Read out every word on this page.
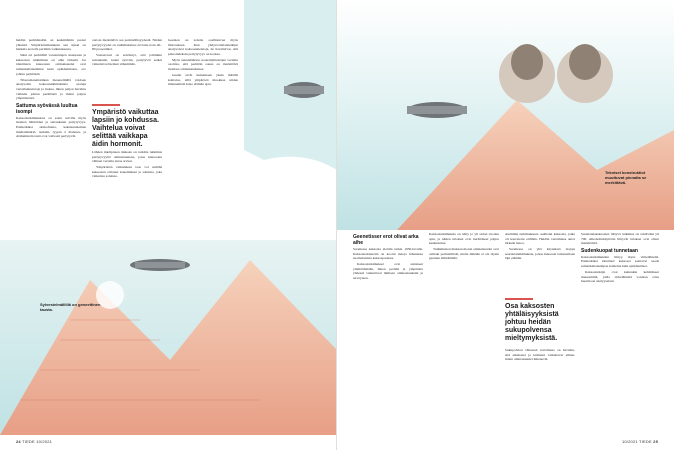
heidän perimänsään on keskimäärin puolet yhteistä. Ympäristöeikutuksia sen sijaan on hankala erotella perimän vaikutuksesta.

Siksi eri perimällä varustettujen sisarusten ja kaksosten tutkiminen on ollut tärkeää. Jos identtisten kaksosten ominaisuudet ovat samankaltaisemmat kuin epäidenttisten, ero johtuu perimästä.

Tilastomatematiikan menetelmillä voidaan analysoida kaksostutkimuksista saatuja vertailuaineistoja ja laskea, miten paljon havaittu vaihtelu johtuu perimästä ja miten paljon ympäristöstä.

Sattuma syövässä luultua isompi

Kaksostutkimuksista on saatu selville myös monien häiriöiden ja sairauksien periytyvyys. Esimerkiksi skitsofrenia, kaksisuuntainen mielialahäiriö, autismi, tyypin 2 diabetes, ja Alzheimerin tauti ovat vahvasti periytyviä.

olevan merkittävä osa perinnöllisyydestä. Niiden periytyvyydet on tutkimuksissa arvioitu noin 40–80 prosentiksi.

Vastaavasti on selvinnyt, että joihinkin sairauksiin, kuten syöviin, periytyvät seikat vaikuttavat hieman vähemmän.

Ympäristö vaikuttaa lapsiin jo kohdussa. Vaihtelua voivat selittää vaikkapa äidin hormonit.

Lähden mielipiteen mukaan on tutkittu tutkimus periytyvyyttä ominaisuutena, jossa kaksosten välinen vertailu antaa arvion.

Ympäristön vaikutuksia taas voi selittää kaksosten erilaiset kokemukset ja sattuma, joka vaikuttaa soluissa.

Geenien on todettu osallistuvan myös lihavuuteen. Kun yhdysvaltalaistutkijat analysoivat kaksosaineistoja, he havaitsivat, että painoindeksin periytyvyys on korkea.

Myös sekundäärien sosiaaliyhteisöjen vertailu osoittaa, että perimän osuus on merkittävä monissa ominaisuuksissa.

Geenit eivät kuitenkaan yksin määrää kohtaloa, sillä ympäristö muokkaa niiden ilmenemistä koko elämän ajan.

Sylvestelmällillä on geneettinen tausta.
24 TIEDE 10/2021
Tekniset konstruktiot muuttuvat pinnalta se merkittävä.
Geenetisser erot olivat arka aihe

Suomessa kaksosia alettiin tutkia 1950-luvulla. Kaksoisrekisteriin on koottu tietoja tuhansista suomalaisista kaksospareista.

Kaksostutkimukset ovat auttaneet ymmärtämään, miten perimä ja ympäristö yhdessä vaikuttavat ihmisen ominaisuuksiin ja terveyteen.

Kaksostutkimuksia on tehty jo yli sadan vuoden ajan, ja niiden tulokset ovat herättäneet paljon keskustelua.

Tutkimusten mukaan monet ominaisuudet ovat osittain perinnöllisiä, mutta mikään ei ole täysin geenien määräämää.

Aiemmin tutkimukseen osallistui kaksosia, jotka oli kasvatettu erillään. Heidän vertailunsa antoi tärkeää tietoa.

Suomessa on yhä käynnissä laajoja seurantatutkimuksia, joissa kaksosia tarkastellaan läpi elämän.

Osa kaksosten yhtäläisyyksistä johtuu heidän sukupolvensa mieltymyksistä.

Sukupolvien välisessä vertailussa on havaittu, että aikakausi ja kulttuuri vaikuttavat siihen, miten ominaisuudet ilmenevät.

Suomalaiskaksosien liittyvä tutkimus on tehtävänä yli 700. Alkoholinkäyttöön liittyvät tulokset ovat olleet merkittäviä.

Sudenkuopat tunnetaan

Kaksostutkimuksiin liittyy myös virhelähteitä. Esimerkiksi identtiset kaksoset saattavat saada samankaltaisempaa kohtelua kuin epäidenttiset.

Kaksostutkijat ovat kuitenkin kehittäneet menetelmiä, joilla virhelähteitä voidaan ottaa huomioon analyyseissä.

10/2021 TIEDE 25
